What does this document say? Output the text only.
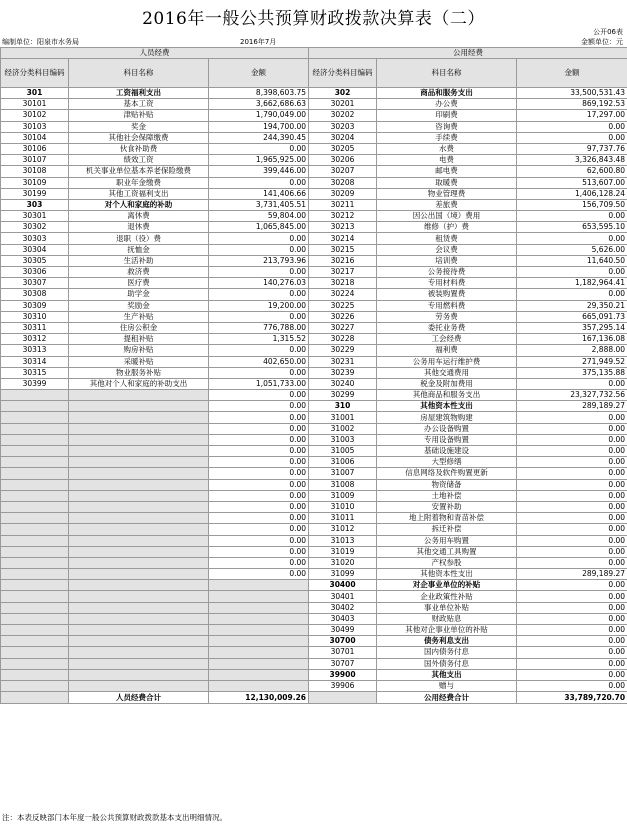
2016年一般公共预算财政拨款决算表（二）
公开06表
编制单位：阳泉市水务局	2016年7月	金额单位：元
人员经费			公用经费		
经济分类科目编码	科目名称	金额	经济分类科目编码	科目名称	金额
301	工资福利支出	8,398,603.75	302	商品和服务支出	33,500,531.43
30101	基本工资	3,662,686.63	30201	办公费	869,192.53
30102	津贴补贴	1,790,049.00	30202	印刷费	17,297.00
30103	奖金	194,700.00	30203	咨询费	0.00
30104	其他社会保障缴费	244,390.45	30204	手续费	0.00
30106	伙食补助费	0.00	30205	水费	97,737.76
30107	绩效工资	1,965,925.00	30206	电费	3,326,843.48
30108	机关事业单位基本养老保险缴费	399,446.00	30207	邮电费	62,600.80
30109	职业年金缴费	0.00	30208	取暖费	513,607.00
30199	其他工资福利支出	141,406.66	30209	物业管理费	1,406,128.24
303	对个人和家庭的补助	3,731,405.51	30211	差旅费	156,709.50
30301	离休费	59,804.00	30212	因公出国（境）费用	0.00
30302	退休费	1,065,845.00	30213	维修（护）费	653,595.10
30303	退职（役）费	0.00	30214	租赁费	0.00
30304	抚恤金	0.00	30215	会议费	5,626.00
30305	生活补助	213,793.96	30216	培训费	11,640.50
30306	救济费	0.00	30217	公务接待费	0.00
30307	医疗费	140,276.03	30218	专用材料费	1,182,964.41
30308	助学金	0.00	30224	被装购置费	0.00
30309	奖励金	19,200.00	30225	专用燃料费	29,350.21
30310	生产补贴	0.00	30226	劳务费	665,091.73
30311	住房公积金	776,788.00	30227	委托业务费	357,295.14
30312	提租补贴	1,315.52	30228	工会经费	167,136.08
30313	购房补贴	0.00	30229	福利费	2,888.00
30314	采暖补贴	402,650.00	30231	公务用车运行维护费	271,949.52
30315	物业服务补贴	0.00	30239	其他交通费用	375,135.88
30399	其他对个人和家庭的补助支出	1,051,733.00	30240	税金及附加费用	0.00
		0.00	30299	其他商品和服务支出	23,327,732.56
		0.00	310	其他资本性支出	289,189.27
		0.00	31001	房屋建筑物购建	0.00
		0.00	31002	办公设备购置	0.00
		0.00	31003	专用设备购置	0.00
		0.00	31005	基础设施建设	0.00
		0.00	31006	大型修缮	0.00
		0.00	31007	信息网络及软件购置更新	0.00
		0.00	31008	物资储备	0.00
		0.00	31009	土地补偿	0.00
		0.00	31010	安置补助	0.00
		0.00	31011	地上附着物和青苗补偿	0.00
		0.00	31012	拆迁补偿	0.00
		0.00	31013	公务用车购置	0.00
		0.00	31019	其他交通工具购置	0.00
		0.00	31020	产权参股	0.00
		0.00	31099	其他资本性支出	289,189.27
			30400	对企事业单位的补贴	0.00
			30401	企业政策性补贴	0.00
			30402	事业单位补贴	0.00
			30403	财政贴息	0.00
			30499	其他对企事业单位的补贴	0.00
			30700	债务利息支出	0.00
			30701	国内债务付息	0.00
			30707	国外债务付息	0.00
			39900	其他支出	0.00
			39906	赠与	0.00
	人员经费合计	12,130,009.26		公用经费合计	33,789,720.70
注：本表反映部门本年度一般公共预算财政拨款基本支出明细情况。
